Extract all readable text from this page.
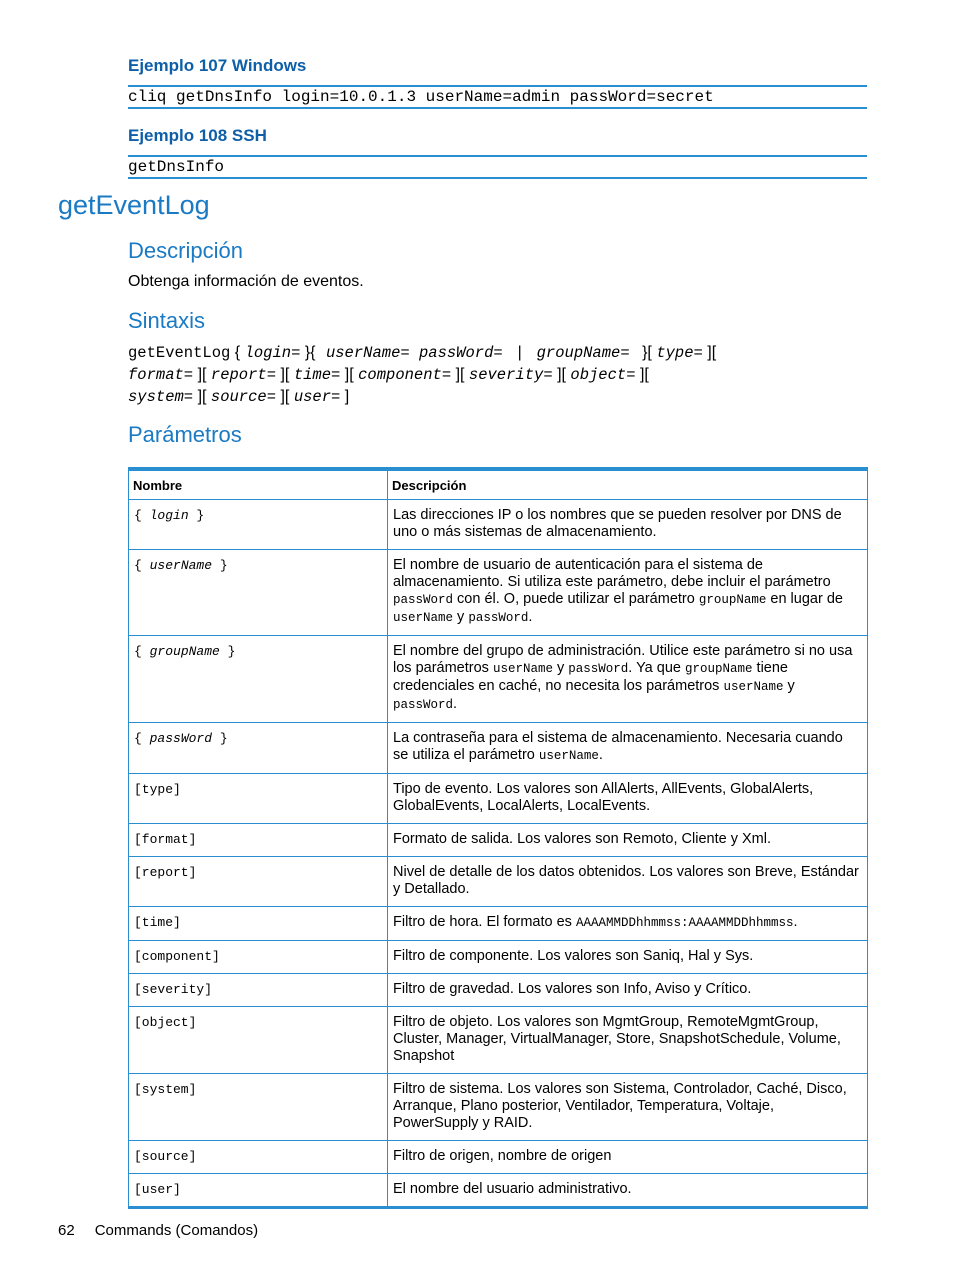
Ejemplo 107 Windows
cliq getDnsInfo login=10.0.1.3 userName=admin passWord=secret
Ejemplo 108 SSH
getDnsInfo
getEventLog
Descripción
Obtenga información de eventos.
Sintaxis
getEventLog { login= }{ userName= passWord=  |  groupName= }[ type= ][
format= ][ report= ][ time= ][ component= ][ severity= ][ object= ][
system= ][ source= ][ user= ]
Parámetros
Nombre	Descripción
{ login }	Las direcciones IP o los nombres que se pueden resolver por DNS de uno o más sistemas de almacenamiento.
{ userName }	El nombre de usuario de autenticación para el sistema de almacenamiento. Si utiliza este parámetro, debe incluir el parámetro passWord con él. O, puede utilizar el parámetro groupName en lugar de userName y passWord.
{ groupName }	El nombre del grupo de administración. Utilice este parámetro si no usa los parámetros userName y passWord. Ya que groupName tiene credenciales en caché, no necesita los parámetros userName y passWord.
{ passWord }	La contraseña para el sistema de almacenamiento. Necesaria cuando se utiliza el parámetro userName.
[type]	Tipo de evento. Los valores son AllAlerts, AllEvents, GlobalAlerts, GlobalEvents, LocalAlerts, LocalEvents.
[format]	Formato de salida. Los valores son Remoto, Cliente y Xml.
[report]	Nivel de detalle de los datos obtenidos. Los valores son Breve, Estándar y Detallado.
[time]	Filtro de hora. El formato es AAAAMMDDhhmmss:AAAAMMDDhhmmss.
[component]	Filtro de componente. Los valores son Saniq, Hal y Sys.
[severity]	Filtro de gravedad. Los valores son Info, Aviso y Crítico.
[object]	Filtro de objeto. Los valores son MgmtGroup, RemoteMgmtGroup, Cluster, Manager, VirtualManager, Store, SnapshotSchedule, Volume, Snapshot
[system]	Filtro de sistema. Los valores son Sistema, Controlador, Caché, Disco, Arranque, Plano posterior, Ventilador, Temperatura, Voltaje, PowerSupply y RAID.
[source]	Filtro de origen, nombre de origen
[user]	El nombre del usuario administrativo.
62 Commands (Comandos)
